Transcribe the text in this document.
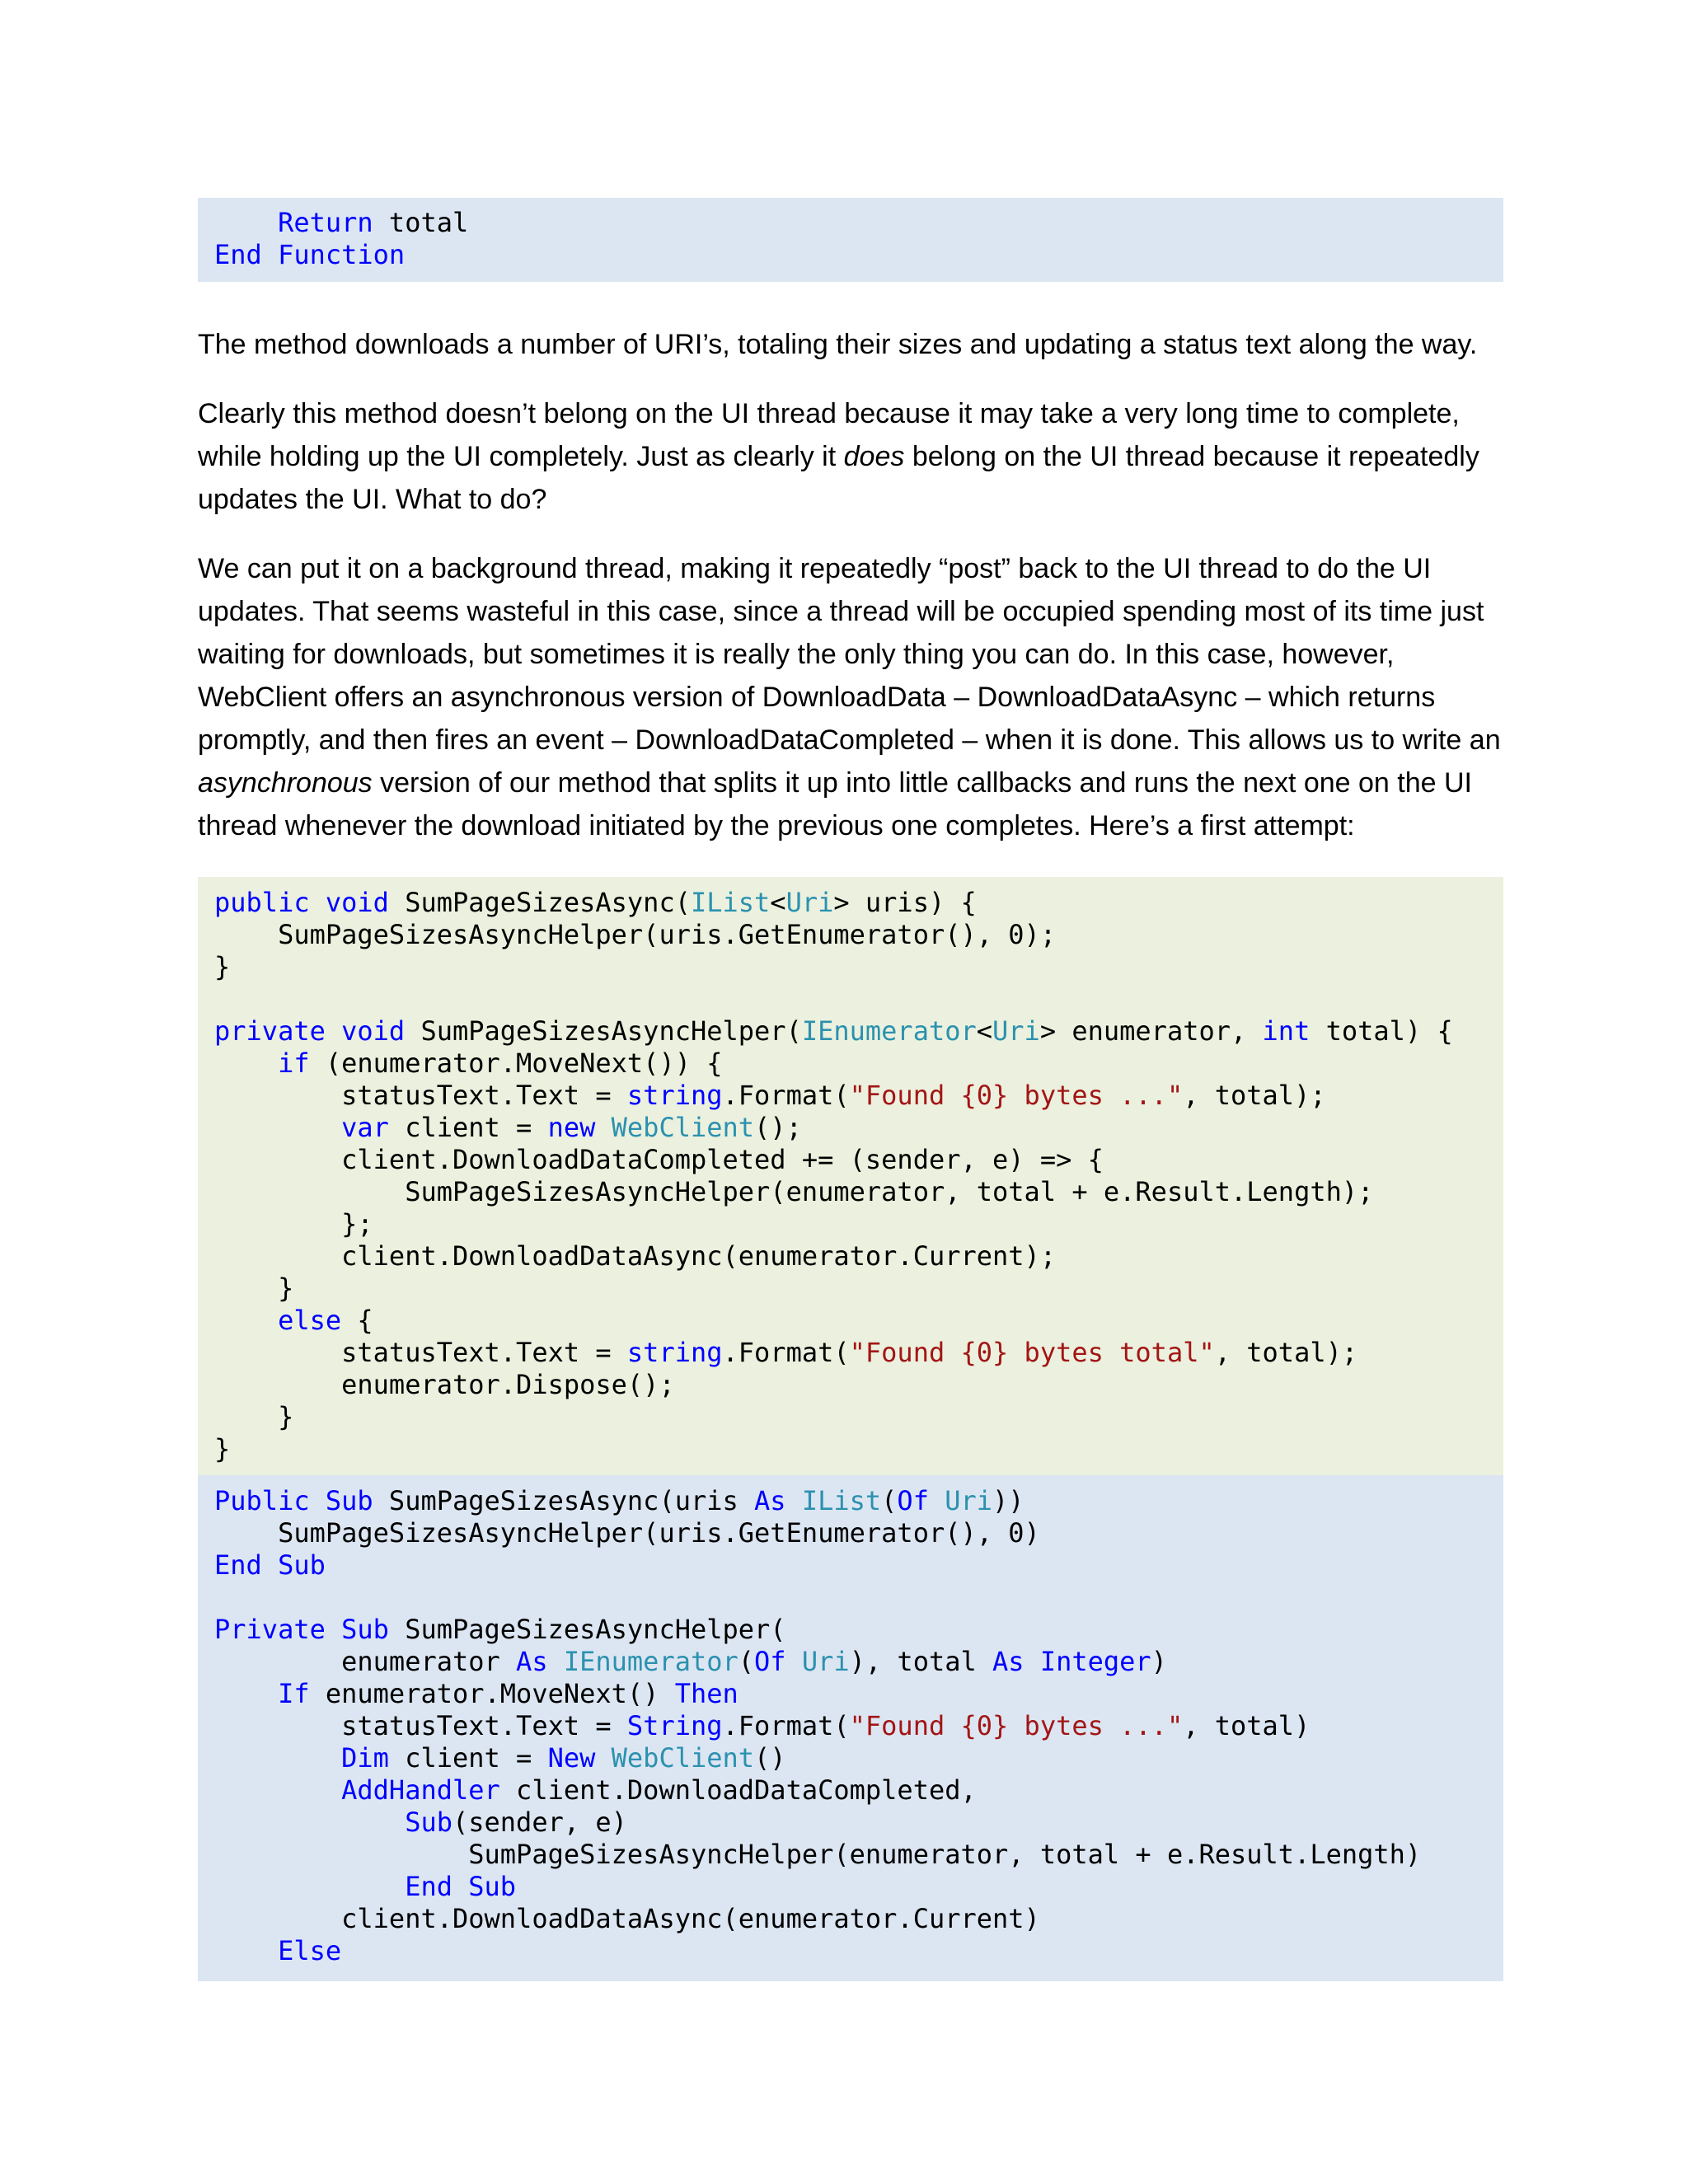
Return total
End Function

The method downloads a number of URI’s, totaling their sizes and updating a status text along the way.

Clearly this method doesn’t belong on the UI thread because it may take a very long time to complete, while holding up the UI completely. Just as clearly it does belong on the UI thread because it repeatedly updates the UI. What to do?

We can put it on a background thread, making it repeatedly “post” back to the UI thread to do the UI updates. That seems wasteful in this case, since a thread will be occupied spending most of its time just waiting for downloads, but sometimes it is really the only thing you can do. In this case, however, WebClient offers an asynchronous version of DownloadData – DownloadDataAsync – which returns promptly, and then fires an event – DownloadDataCompleted – when it is done. This allows us to write an asynchronous version of our method that splits it up into little callbacks and runs the next one on the UI thread whenever the download initiated by the previous one completes. Here’s a first attempt:

public void SumPageSizesAsync(IList<Uri> uris) {
SumPageSizesAsyncHelper(uris.GetEnumerator(), 0);
}
private void SumPageSizesAsyncHelper(IEnumerator<Uri> enumerator, int total) {
if (enumerator.MoveNext()) {
statusText.Text = string.Format("Found {0} bytes ...", total);
var client = new WebClient();
client.DownloadDataCompleted += (sender, e) => {
SumPageSizesAsyncHelper(enumerator, total + e.Result.Length);
};
client.DownloadDataAsync(enumerator.Current);
}
else {
statusText.Text = string.Format("Found {0} bytes total", total);
enumerator.Dispose();
}
}
Public Sub SumPageSizesAsync(uris As IList(Of Uri))
SumPageSizesAsyncHelper(uris.GetEnumerator(), 0)
End Sub
Private Sub SumPageSizesAsyncHelper(
enumerator As IEnumerator(Of Uri), total As Integer)
If enumerator.MoveNext() Then
statusText.Text = String.Format("Found {0} bytes ...", total)
Dim client = New WebClient()
AddHandler client.DownloadDataCompleted,
Sub(sender, e)
SumPageSizesAsyncHelper(enumerator, total + e.Result.Length)
End Sub
client.DownloadDataAsync(enumerator.Current)
Else
